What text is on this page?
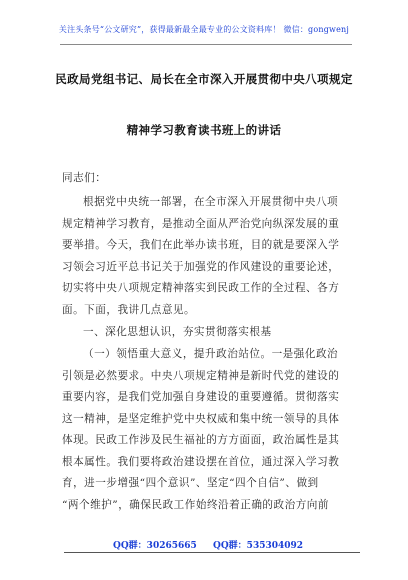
关注头条号“公文研究”，获得最新最全最专业的公文资料库！ 微信：gongwenj
民政局党组书记、局长在全市深入开展贯彻中央八项规定
精神学习教育读书班上的讲话
同志们：
根据党中央统一部署，在全市深入开展贯彻中央八项
规定精神学习教育，是推动全面从严治党向纵深发展的重
要举措。今天，我们在此举办读书班，目的就是要深入学
习领会习近平总书记关于加强党的作风建设的重要论述，
切实将中央八项规定精神落实到民政工作的全过程、各方
面。下面，我讲几点意见。
一、深化思想认识，夯实贯彻落实根基
（一）领悟重大意义，提升政治站位。一是强化政治
引领是必然要求。中央八项规定精神是新时代党的建设的
重要内容，是我们党加强自身建设的重要遵循。贯彻落实
这一精神，是坚定维护党中央权威和集中统一领导的具体
体现。民政工作涉及民生福祉的方方面面，政治属性是其
根本属性。我们要将政治建设摆在首位，通过深入学习教
育，进一步增强“四个意识”、坚定“四个自信”、做到
“两个维护”，确保民政工作始终沿着正确的政治方向前
QQ群：30265665 QQ群：535304092
